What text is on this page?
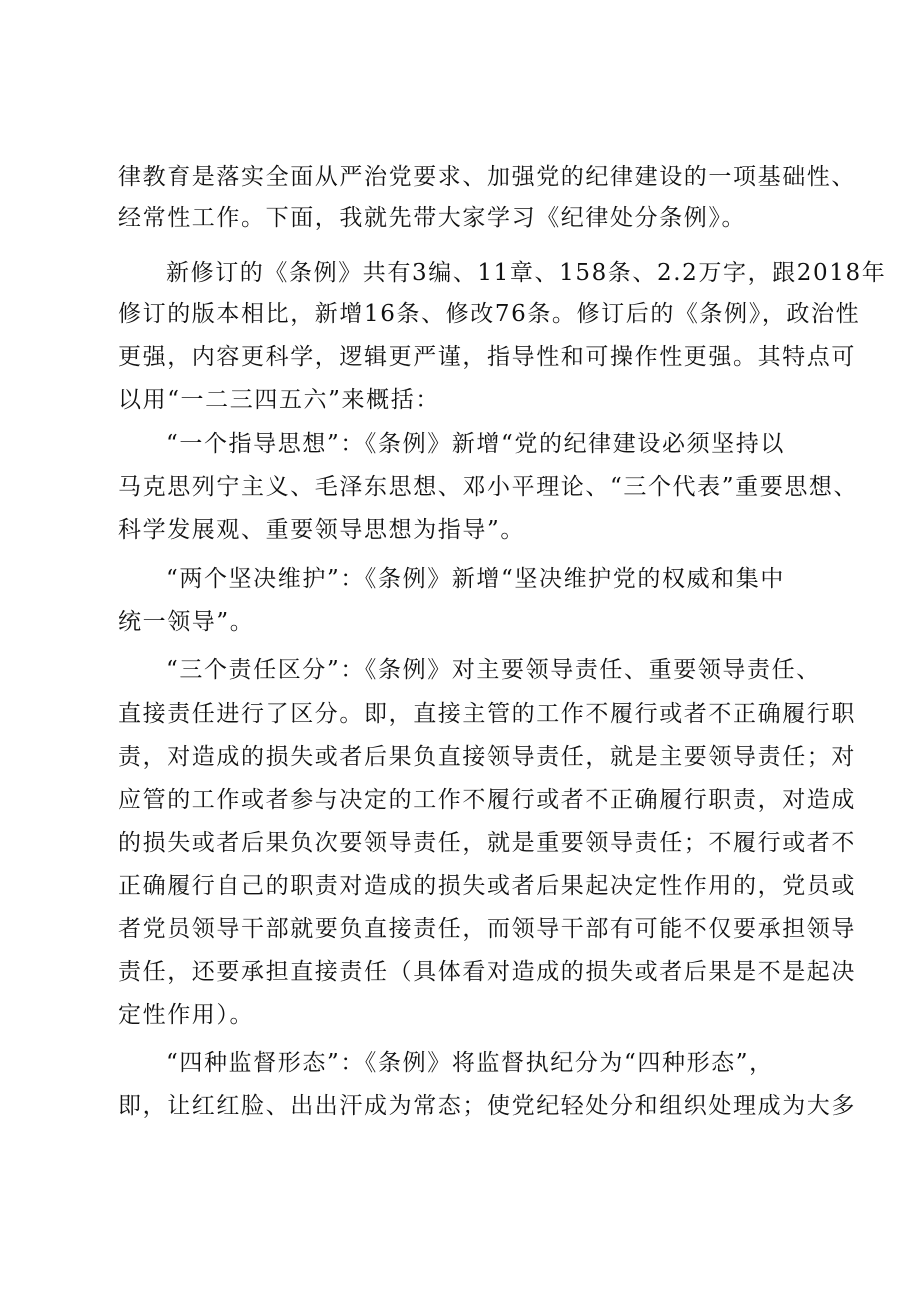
律教育是落实全面从严治党要求、加强党的纪律建设的一项基础性、
经常性工作。下面，我就先带大家学习《纪律处分条例》。
新修订的《条例》共有3编、11章、158条、2.2万字，跟2018年
修订的版本相比，新增16条、修改76条。修订后的《条例》，政治性
更强，内容更科学，逻辑更严谨，指导性和可操作性更强。其特点可
以用“一二三四五六”来概括：
“一个指导思想”：《条例》新增“党的纪律建设必须坚持以
马克思列宁主义、毛泽东思想、邓小平理论、“三个代表”重要思想、
科学发展观、重要领导思想为指导”。
“两个坚决维护”：《条例》新增“坚决维护党的权威和集中
统一领导”。
“三个责任区分”：《条例》对主要领导责任、重要领导责任、
直接责任进行了区分。即，直接主管的工作不履行或者不正确履行职
责，对造成的损失或者后果负直接领导责任，就是主要领导责任；对
应管的工作或者参与决定的工作不履行或者不正确履行职责，对造成
的损失或者后果负次要领导责任，就是重要领导责任；不履行或者不
正确履行自己的职责对造成的损失或者后果起决定性作用的，党员或
者党员领导干部就要负直接责任，而领导干部有可能不仅要承担领导
责任，还要承担直接责任（具体看对造成的损失或者后果是不是起决
定性作用）。
“四种监督形态”：《条例》将监督执纪分为“四种形态”，
即，让红红脸、出出汗成为常态；使党纪轻处分和组织处理成为大多
